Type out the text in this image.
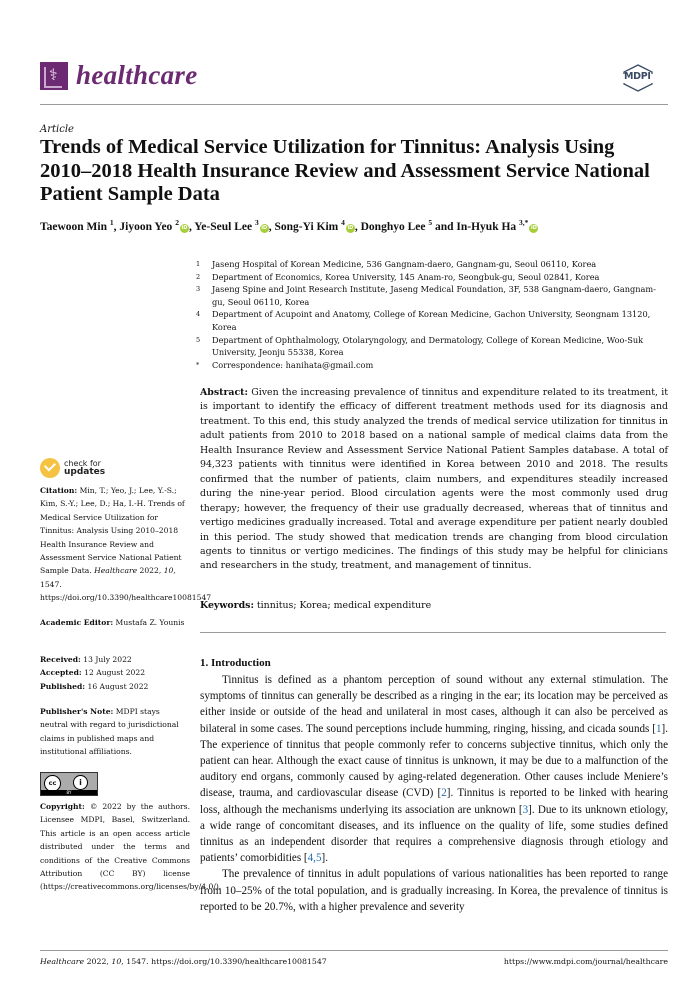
⚕ healthcare	MDPI
Article
Trends of Medical Service Utilization for Tinnitus: Analysis Using 2010–2018 Health Insurance Review and Assessment Service National Patient Sample Data
Taewoon Min $^1$, Jiyoon Yeo $^2$iD , Ye-Seul Lee $^3$iD , Song-Yi Kim $^4$iD , Donghyo Lee $^5$ and In-Hyuk Ha $^{3,*}$iD
1	Jaseng Hospital of Korean Medicine, 536 Gangnam-daero, Gangnam-gu, Seoul 06110, Korea
2	Department of Economics, Korea University, 145 Anam-ro, Seongbuk-gu, Seoul 02841, Korea
3	Jaseng Spine and Joint Research Institute, Jaseng Medical Foundation, 3F, 538 Gangnam-daero, Gangnam-gu, Seoul 06110, Korea
4	Department of Acupoint and Anatomy, College of Korean Medicine, Gachon University, Seongnam 13120, Korea
5	Department of Ophthalmology, Otolaryngology, and Dermatology, College of Korean Medicine, Woo-Suk University, Jeonju 55338, Korea
*	Correspondence: hanihata@gmail.com
check for
updates
Citation: Min, T.; Yeo, J.; Lee, Y.-S.; Kim, S.-Y.; Lee, D.; Ha, I.-H. Trends of Medical Service Utilization for Tinnitus: Analysis Using 2010–2018 Health Insurance Review and Assessment Service National Patient Sample Data. Healthcare 2022, 10, 1547. https://doi.org/10.3390/healthcare10081547
Academic Editor: Mustafa Z. Younis
Received: 13 July 2022
Accepted: 12 August 2022
Published: 16 August 2022
Publisher's Note: MDPI stays neutral with regard to jurisdictional claims in published maps and institutional affiliations.
cc	i
BY
Copyright: © 2022 by the authors. Licensee MDPI, Basel, Switzerland. This article is an open access article distributed under the terms and conditions of the Creative Commons Attribution (CC BY) license (https://creativecommons.org/licenses/by/4.0/).
Abstract: Given the increasing prevalence of tinnitus and expenditure related to its treatment, it is important to identify the efficacy of different treatment methods used for its diagnosis and treatment. To this end, this study analyzed the trends of medical service utilization for tinnitus in adult patients from 2010 to 2018 based on a national sample of medical claims data from the Health Insurance Review and Assessment Service National Patient Samples database. A total of 94,323 patients with tinnitus were identified in Korea between 2010 and 2018. The results confirmed that the number of patients, claim numbers, and expenditures steadily increased during the nine-year period. Blood circulation agents were the most commonly used drug therapy; however, the frequency of their use gradually decreased, whereas that of tinnitus and vertigo medicines gradually increased. Total and average expenditure per patient nearly doubled in this period. The study showed that medication trends are changing from blood circulation agents to tinnitus or vertigo medicines. The findings of this study may be helpful for clinicians and researchers in the study, treatment, and management of tinnitus.
Keywords: tinnitus; Korea; medical expenditure
1. Introduction

Tinnitus is defined as a phantom perception of sound without any external stimulation. The symptoms of tinnitus can generally be described as a ringing in the ear; its location may be perceived as either inside or outside of the head and unilateral in most cases, although it can also be perceived as bilateral in some cases. The sound perceptions include humming, ringing, hissing, and cicada sounds [1]. The experience of tinnitus that people commonly refer to concerns subjective tinnitus, which only the patient can hear. Although the exact cause of tinnitus is unknown, it may be due to a malfunction of the auditory end organs, commonly caused by aging-related degeneration. Other causes include Meniere’s disease, trauma, and cardiovascular disease (CVD) [2]. Tinnitus is reported to be linked with hearing loss, although the mechanisms underlying its association are unknown [3]. Due to its unknown etiology, a wide range of concomitant diseases, and its influence on the quality of life, some studies defined tinnitus as an independent disorder that requires a comprehensive diagnosis through etiology and patients’ comorbidities [4,5].

The prevalence of tinnitus in adult populations of various nationalities has been reported to range from 10–25% of the total population, and is gradually increasing. In Korea, the prevalence of tinnitus is reported to be 20.7%, with a higher prevalence and severity

Healthcare 2022, 10, 1547. https://doi.org/10.3390/healthcare10081547	https://www.mdpi.com/journal/healthcare
